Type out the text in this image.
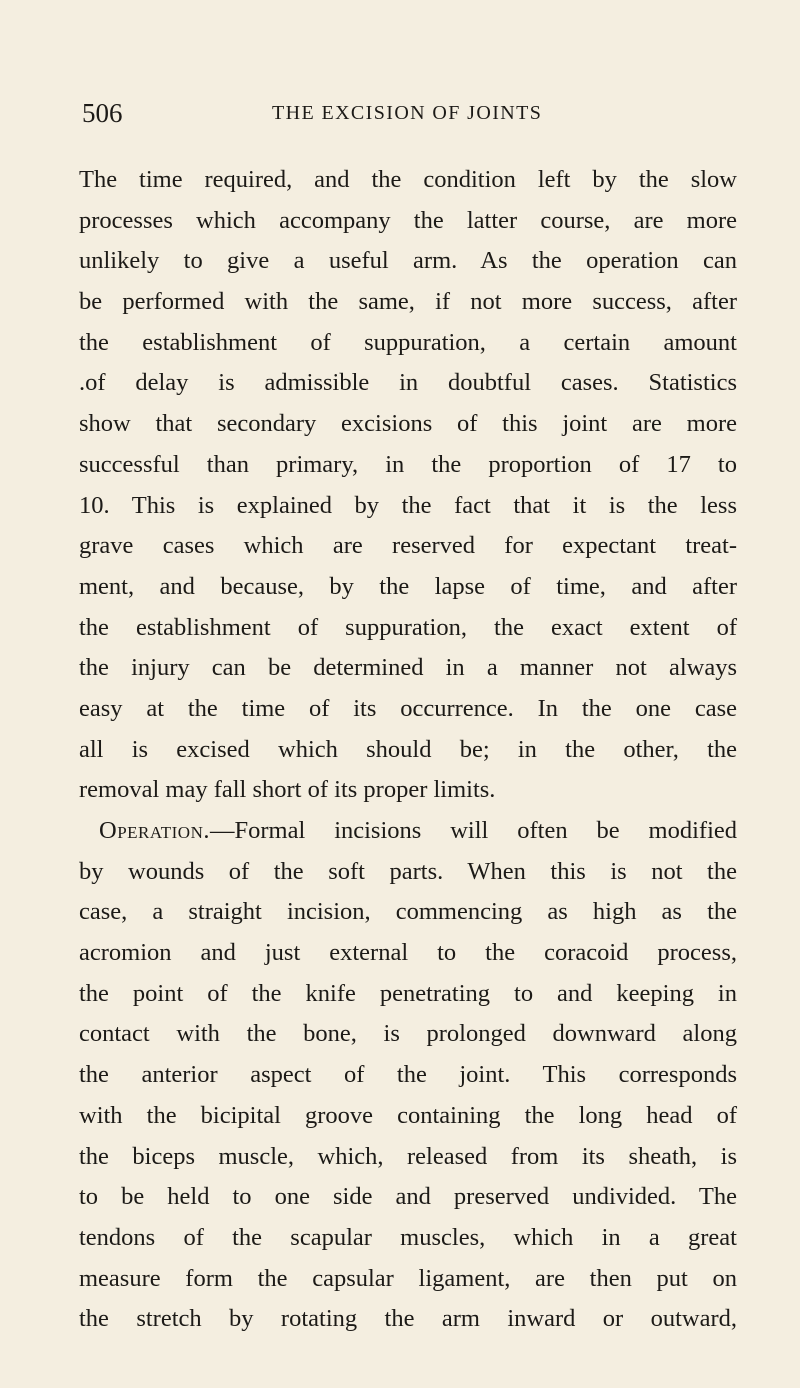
506	THE EXCISION OF JOINTS
The time required, and the condition left by the slow
processes which accompany the latter course, are more
unlikely to give a useful arm. As the operation can
be performed with the same, if not more success, after
the establishment of suppuration, a certain amount
.of delay is admissible in doubtful cases. Statistics
show that secondary excisions of this joint are more
successful than primary, in the proportion of 17 to
10. This is explained by the fact that it is the less
grave cases which are reserved for expectant treat-
ment, and because, by the lapse of time, and after
the establishment of suppuration, the exact extent of
the injury can be determined in a manner not always
easy at the time of its occurrence. In the one case
all is excised which should be; in the other, the
removal may fall short of its proper limits.
Operation.—Formal incisions will often be modified
by wounds of the soft parts. When this is not the
case, a straight incision, commencing as high as the
acromion and just external to the coracoid process,
the point of the knife penetrating to and keeping in
contact with the bone, is prolonged downward along
the anterior aspect of the joint. This corresponds
with the bicipital groove containing the long head of
the biceps muscle, which, released from its sheath, is
to be held to one side and preserved undivided. The
tendons of the scapular muscles, which in a great
measure form the capsular ligament, are then put on
the stretch by rotating the arm inward or outward,
